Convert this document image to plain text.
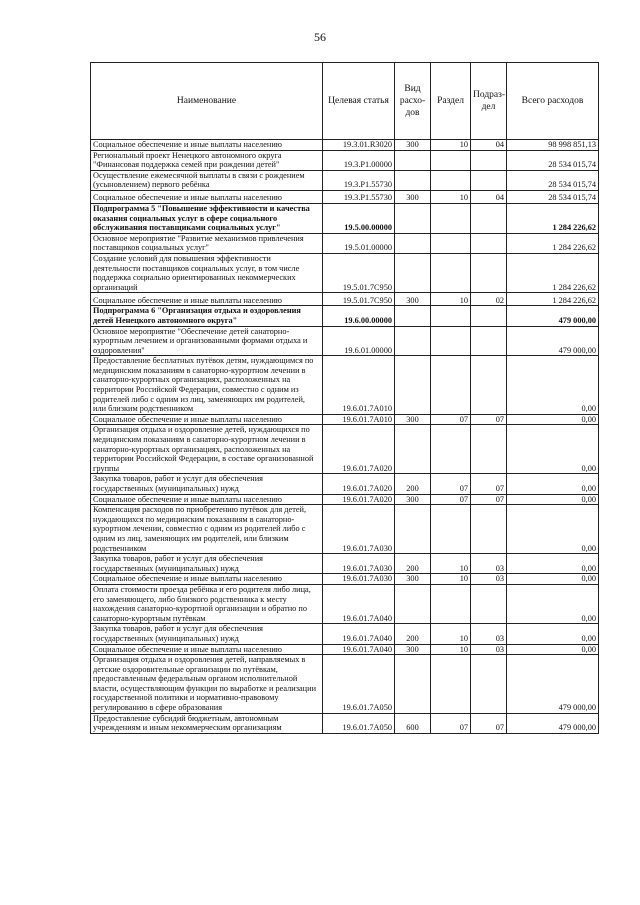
56
Наименование	Целевая статья	Вид расхо-дов	Раздел	Подраз-дел	Всего расходов
Социальное обеспечение и иные выплаты населению	19.3.01.R3020	300	10	04	98 998 851,13
Региональный проект Ненецкого автономного округа "Финансовая поддержка семей при рождении детей"	19.3.P1.00000				28 534 015,74
Осуществление ежемесячной выплаты в связи с рождением (усыновлением) первого ребёнка	19.3.P1.55730				28 534 015,74
Социальное обеспечение и иные выплаты населению	19.3.P1.55730	300	10	04	28 534 015,74
Подпрограмма 5 "Повышение эффективности и качества оказания социальных услуг в сфере социального обслуживания поставщиками социальных услуг"	19.5.00.00000				1 284 226,62
Основное мероприятие "Развитие механизмов привлечения поставщиков социальных услуг"	19.5.01.00000				1 284 226,62
Создание условий для повышения эффективности деятельности поставщиков социальных услуг, в том числе поддержка социально ориентированных некоммерческих организаций	19.5.01.7С950				1 284 226,62
Социальное обеспечение и иные выплаты населению	19.5.01.7С950	300	10	02	1 284 226,62
Подпрограмма 6 "Организация отдыха и оздоровления детей Ненецкого автономного округа"	19.6.00.00000				479 000,00
Основное мероприятие "Обеспечение детей санаторно-курортным лечением и организованными формами отдыха и оздоровления"	19.6.01.00000				479 000,00
Предоставление бесплатных путёвок детям, нуждающимся по медицинским показаниям в санаторно-курортном лечении в санаторно-курортных организациях, расположенных на территории Российской Федерации, совместно с одним из родителей либо с одним из лиц, заменяющих им родителей, или близким родственником	19.6.01.7А010				0,00
Социальное обеспечение и иные выплаты населению	19.6.01.7А010	300	07	07	0,00
Организация отдыха и оздоровление детей, нуждающихся по медицинским показаниям в санаторно-курортном лечении в санаторно-курортных организациях, расположенных на территории Российской Федерации, в составе организованной группы	19.6.01.7А020				0,00
Закупка товаров, работ и услуг для обеспечения государственных (муниципальных) нужд	19.6.01.7А020	200	07	07	0,00
Социальное обеспечение и иные выплаты населению	19.6.01.7А020	300	07	07	0,00
Компенсация расходов по приобретению путёвок для детей, нуждающихся по медицинским показаниям в санаторно-курортном лечении, совместно с одним из родителей либо с одним из лиц, заменяющих им родителей, или близким родственником	19.6.01.7А030				0,00
Закупка товаров, работ и услуг для обеспечения государственных (муниципальных) нужд	19.6.01.7А030	200	10	03	0,00
Социальное обеспечение и иные выплаты населению	19.6.01.7А030	300	10	03	0,00
Оплата стоимости проезда ребёнка и его родителя либо лица, его заменяющего, либо близкого родственника к месту нахождения санаторно-курортной организации и обратно по санаторно-курортным путёвкам	19.6.01.7А040				0,00
Закупка товаров, работ и услуг для обеспечения государственных (муниципальных) нужд	19.6.01.7А040	200	10	03	0,00
Социальное обеспечение и иные выплаты населению	19.6.01.7А040	300	10	03	0,00
Организация отдыха и оздоровления детей, направляемых в детские оздоровительные организации по путёвкам, предоставленным федеральным органом исполнительной власти, осуществляющим функции по выработке и реализации государственной политики и нормативно-правовому регулированию в сфере образования	19.6.01.7А050				479 000,00
Предоставление субсидий бюджетным, автономным учреждениям и иным некоммерческим организациям	19.6.01.7А050	600	07	07	479 000,00
